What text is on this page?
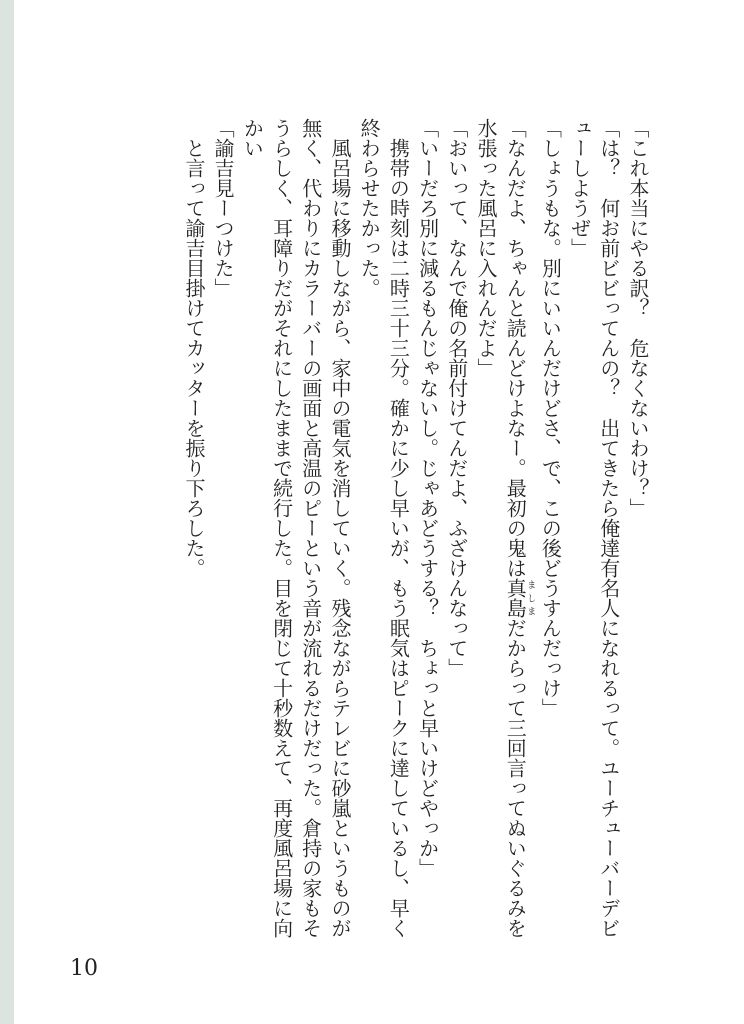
「これ本当にやる訳？　危なくないわけ？」

「は？　何お前ビビってんの？　出てきたら俺達有名人になれるって。ユーチューバーデビューしようぜ」

「しょうもな。別にいいんだけどさ、で、この後どうすんだっけ」

「なんだよ、ちゃんと読んどけよなー。最初の鬼は真島ましまだからって三回言ってぬいぐるみを水張った風呂に入れんだよ」

「おいって、なんで俺の名前付けてんだよ、ふざけんなって」

「いーだろ別に減るもんじゃないし。じゃあどうする？　ちょっと早いけどやっか」

携帯の時刻は二時三十三分。確かに少し早いが、もう眠気はピークに達しているし、早く終わらせたかった。

風呂場に移動しながら、家中の電気を消していく。残念ながらテレビに砂嵐というものが無く、代わりにカラーバーの画面と高温のピーという音が流れるだけだった。倉持の家もそうらしく、耳障りだがそれにしたままで続行した。目を閉じて十秒数えて、再度風呂場に向かい

「諭吉見ーつけた」

と言って諭吉目掛けてカッターを振り下ろした。

10
